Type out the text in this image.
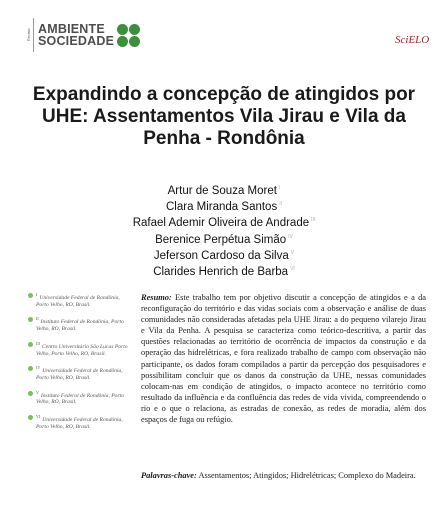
Revista AMBIENTE
SOCIEDADE	SciELO
Expandindo a concepção de atingidos por UHE: Assentamentos Vila Jirau e Vila da Penha - Rondônia
Artur de Souza Moret $^I$
Clara Miranda Santos $^{II}$
Rafael Ademir Oliveira de Andrade $^{III}$
Berenice Perpétua Simão $^{IV}$
Jeferson Cardoso da Silva $^V$
Clarides Henrich de Barba $^{VI}$
$^I$Universidade Federal de Rondônia, Porto Velho, RO, Brasil.
$^{II}$Instituto Federal de Rondônia, Porto Velho, RO, Brasil.
$^{III}$Centro Universitário São Lucas Porto Velho, Porto Velho, RO, Brasil.
$^{IV}$Universidade Federal de Rondônia, Porto Velho, RO, Brasil.
$^V$Instituto Federal de Rondônia, Porto Velho, RO, Brasil.
$^{VI}$Universidade Federal de Rondônia, Porto Velho, RO, Brasil.

Resumo: Este trabalho tem por objetivo discutir a concepção de atingidos e a da reconfiguração do território e das vidas sociais com a observação e análise de duas comunidades não consideradas afetadas pela UHE Jirau: a do pequeno vilarejo Jirau e Vila da Penha. A pesquisa se caracteriza como teórico-descritiva, a partir das questões relacionadas ao território de ocorrência de impactos da construção e da operação das hidrelétricas, e fora realizado trabalho de campo com observação não participante, os dados foram compilados a partir da percepção dos pesquisadores e possibilitam concluir que os danos da construção da UHE, nessas comunidades colocam-nas em condição de atingidos, o impacto acontece no território como resultado da influência e da confluência das redes de vida vivida, compreendendo o rio e o que o relaciona, as estradas de conexão, as redes de moradia, além dos espaços de fuga ou refúgio.

Palavras-chave: Assentamentos; Atingidos; Hidrelétricas; Complexo do Madeira.
